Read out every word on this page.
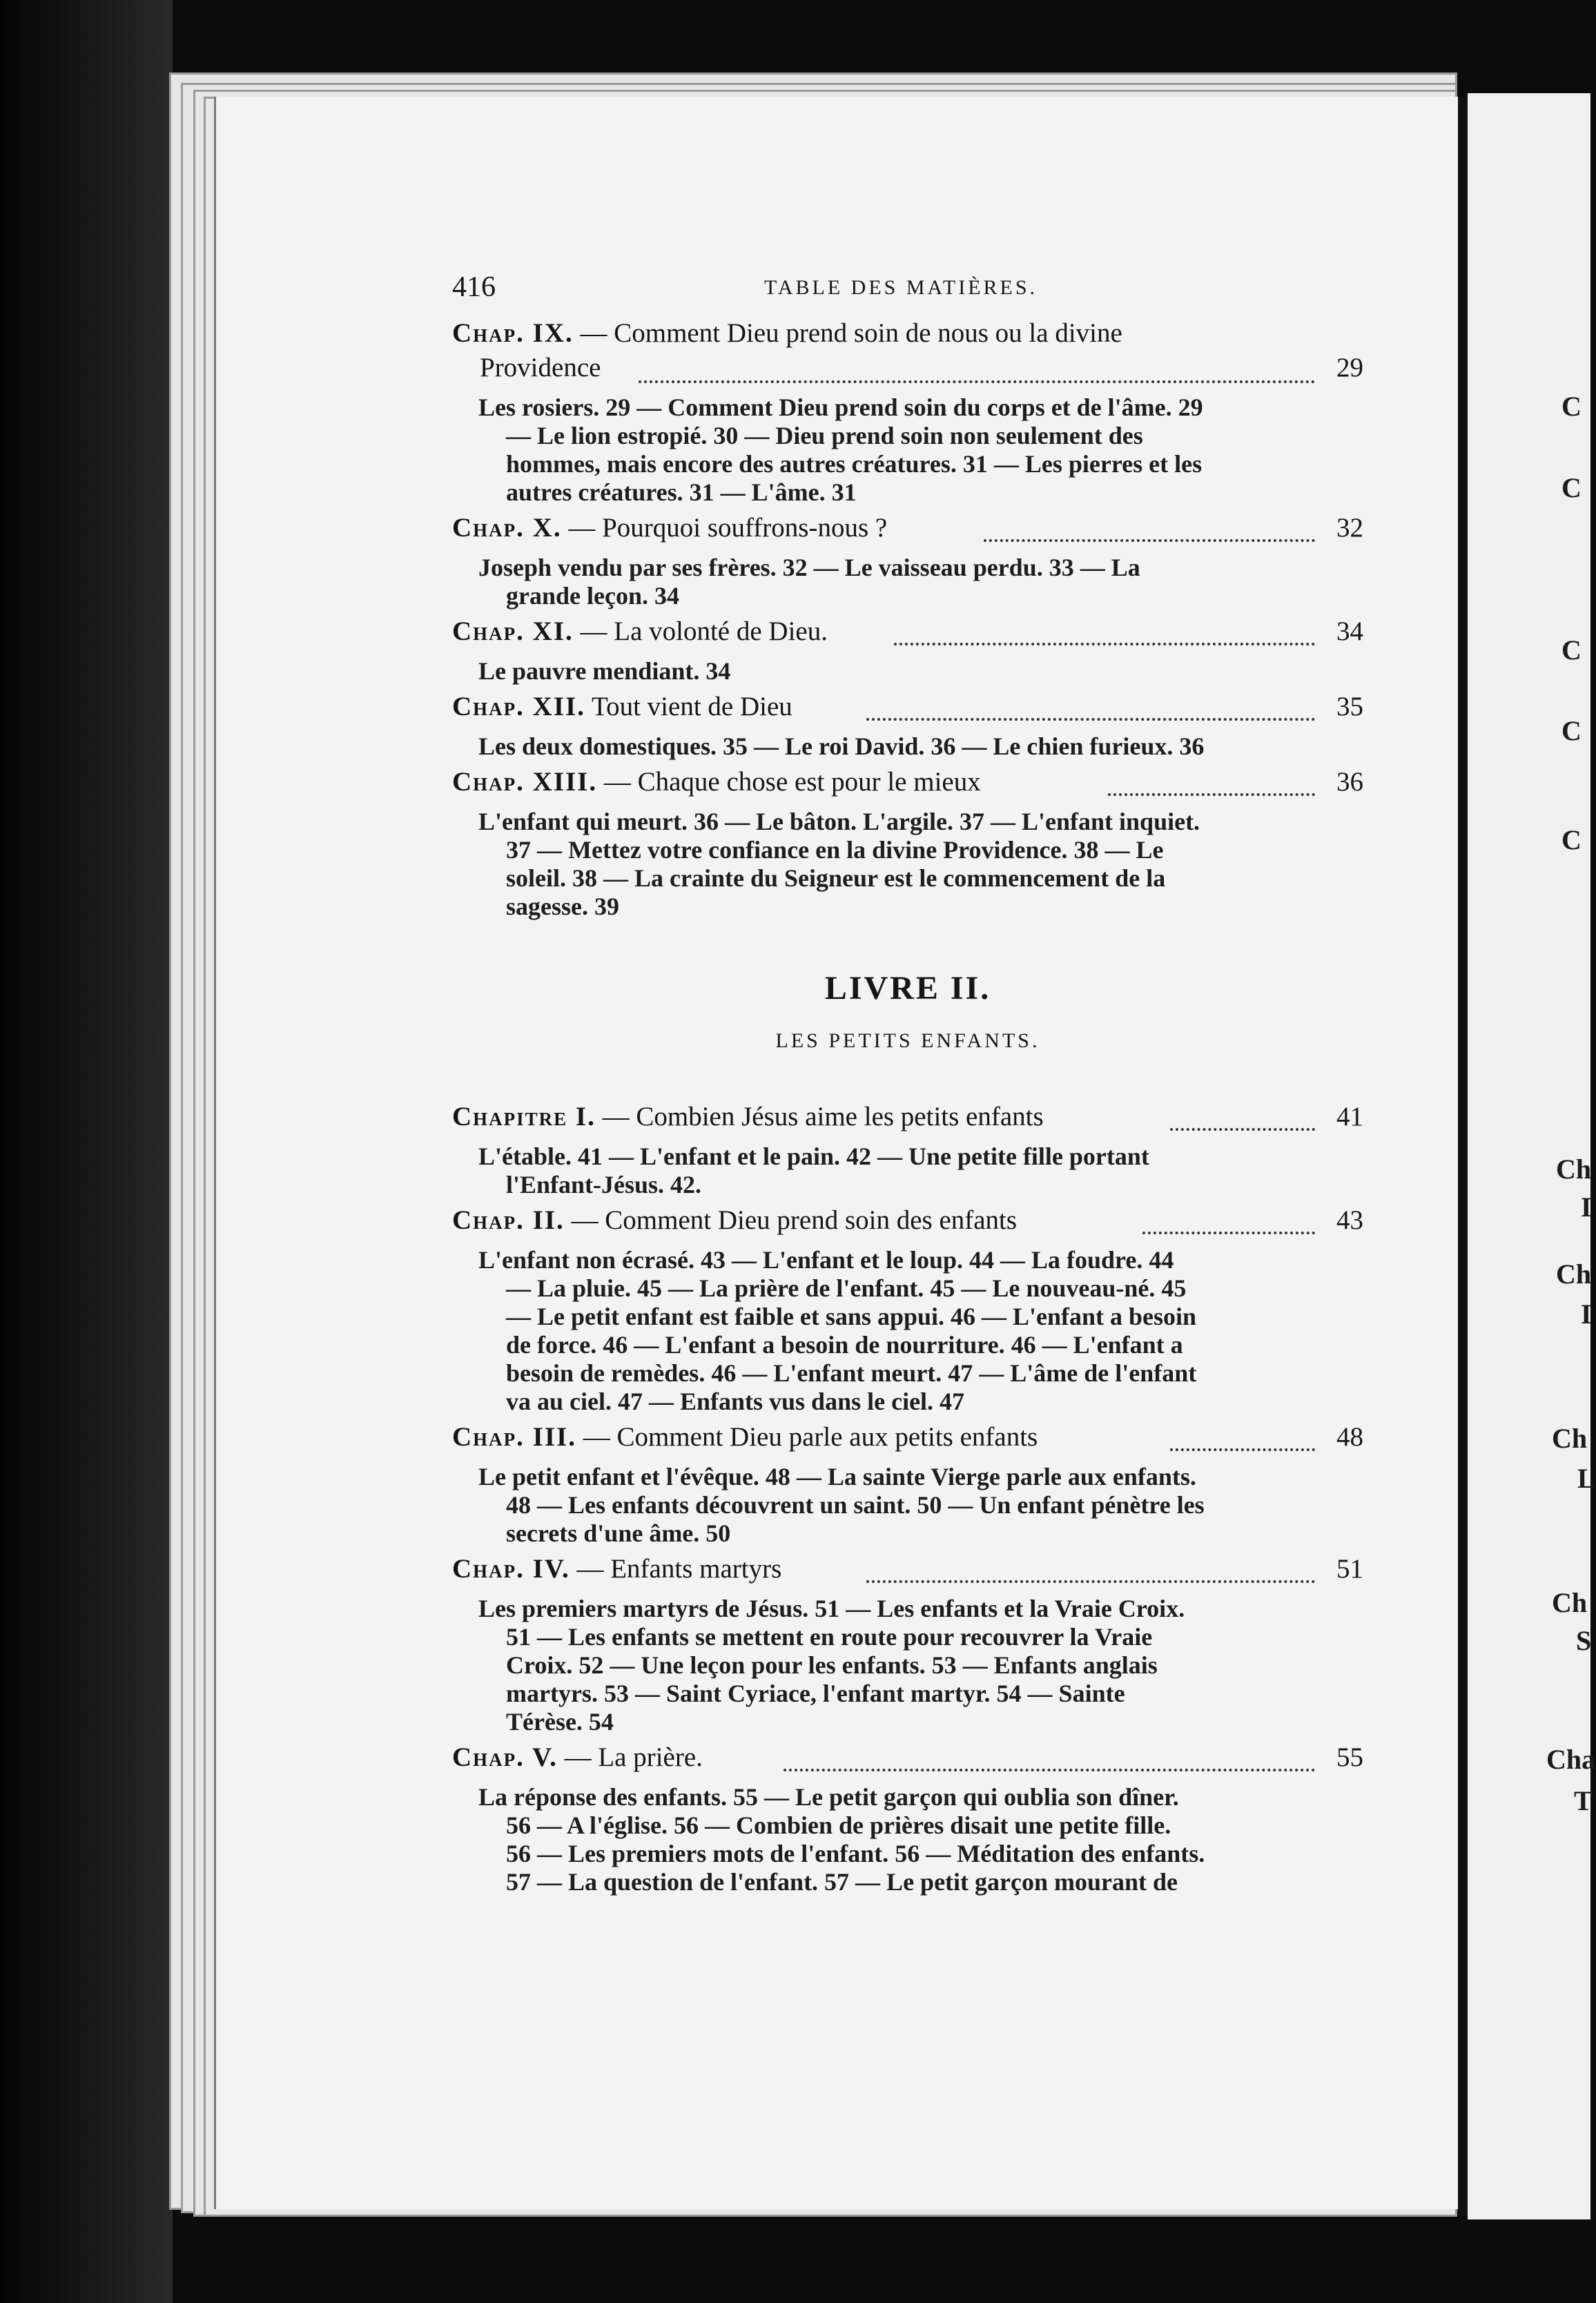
C
C
C
C
C
Ch
I
Ch
I
Ch
L
Ch
S
Cha
T
416	TABLE DES MATIÈRES.
Chap. IX. — Comment Dieu prend soin de nous ou la divine
Providence	29
Les rosiers. 29 — Comment Dieu prend soin du corps et de l'âme. 29
— Le lion estropié. 30 — Dieu prend soin non seulement des
hommes, mais encore des autres créatures. 31 — Les pierres et les
autres créatures. 31 — L'âme. 31
Chap. X. — Pourquoi souffrons-nous ?	32
Joseph vendu par ses frères. 32 — Le vaisseau perdu. 33 — La
grande leçon. 34
Chap. XI. — La volonté de Dieu.	34
Le pauvre mendiant. 34
Chap. XII. Tout vient de Dieu	35
Les deux domestiques. 35 — Le roi David. 36 — Le chien furieux. 36
Chap. XIII. — Chaque chose est pour le mieux	36
L'enfant qui meurt. 36 — Le bâton. L'argile. 37 — L'enfant inquiet.
37 — Mettez votre confiance en la divine Providence. 38 — Le
soleil. 38 — La crainte du Seigneur est le commencement de la
sagesse. 39
LIVRE II.
LES PETITS ENFANTS.
Chapitre I. — Combien Jésus aime les petits enfants	41
L'étable. 41 — L'enfant et le pain. 42 — Une petite fille portant
l'Enfant-Jésus. 42.
Chap. II. — Comment Dieu prend soin des enfants	43
L'enfant non écrasé. 43 — L'enfant et le loup. 44 — La foudre. 44
— La pluie. 45 — La prière de l'enfant. 45 — Le nouveau-né. 45
— Le petit enfant est faible et sans appui. 46 — L'enfant a besoin
de force. 46 — L'enfant a besoin de nourriture. 46 — L'enfant a
besoin de remèdes. 46 — L'enfant meurt. 47 — L'âme de l'enfant
va au ciel. 47 — Enfants vus dans le ciel. 47
Chap. III. — Comment Dieu parle aux petits enfants	48
Le petit enfant et l'évêque. 48 — La sainte Vierge parle aux enfants.
48 — Les enfants découvrent un saint. 50 — Un enfant pénètre les
secrets d'une âme. 50
Chap. IV. — Enfants martyrs	51
Les premiers martyrs de Jésus. 51 — Les enfants et la Vraie Croix.
51 — Les enfants se mettent en route pour recouvrer la Vraie
Croix. 52 — Une leçon pour les enfants. 53 — Enfants anglais
martyrs. 53 — Saint Cyriace, l'enfant martyr. 54 — Sainte
Térèse. 54
Chap. V. — La prière.	55
La réponse des enfants. 55 — Le petit garçon qui oublia son dîner.
56 — A l'église. 56 — Combien de prières disait une petite fille.
56 — Les premiers mots de l'enfant. 56 — Méditation des enfants.
57 — La question de l'enfant. 57 — Le petit garçon mourant de
